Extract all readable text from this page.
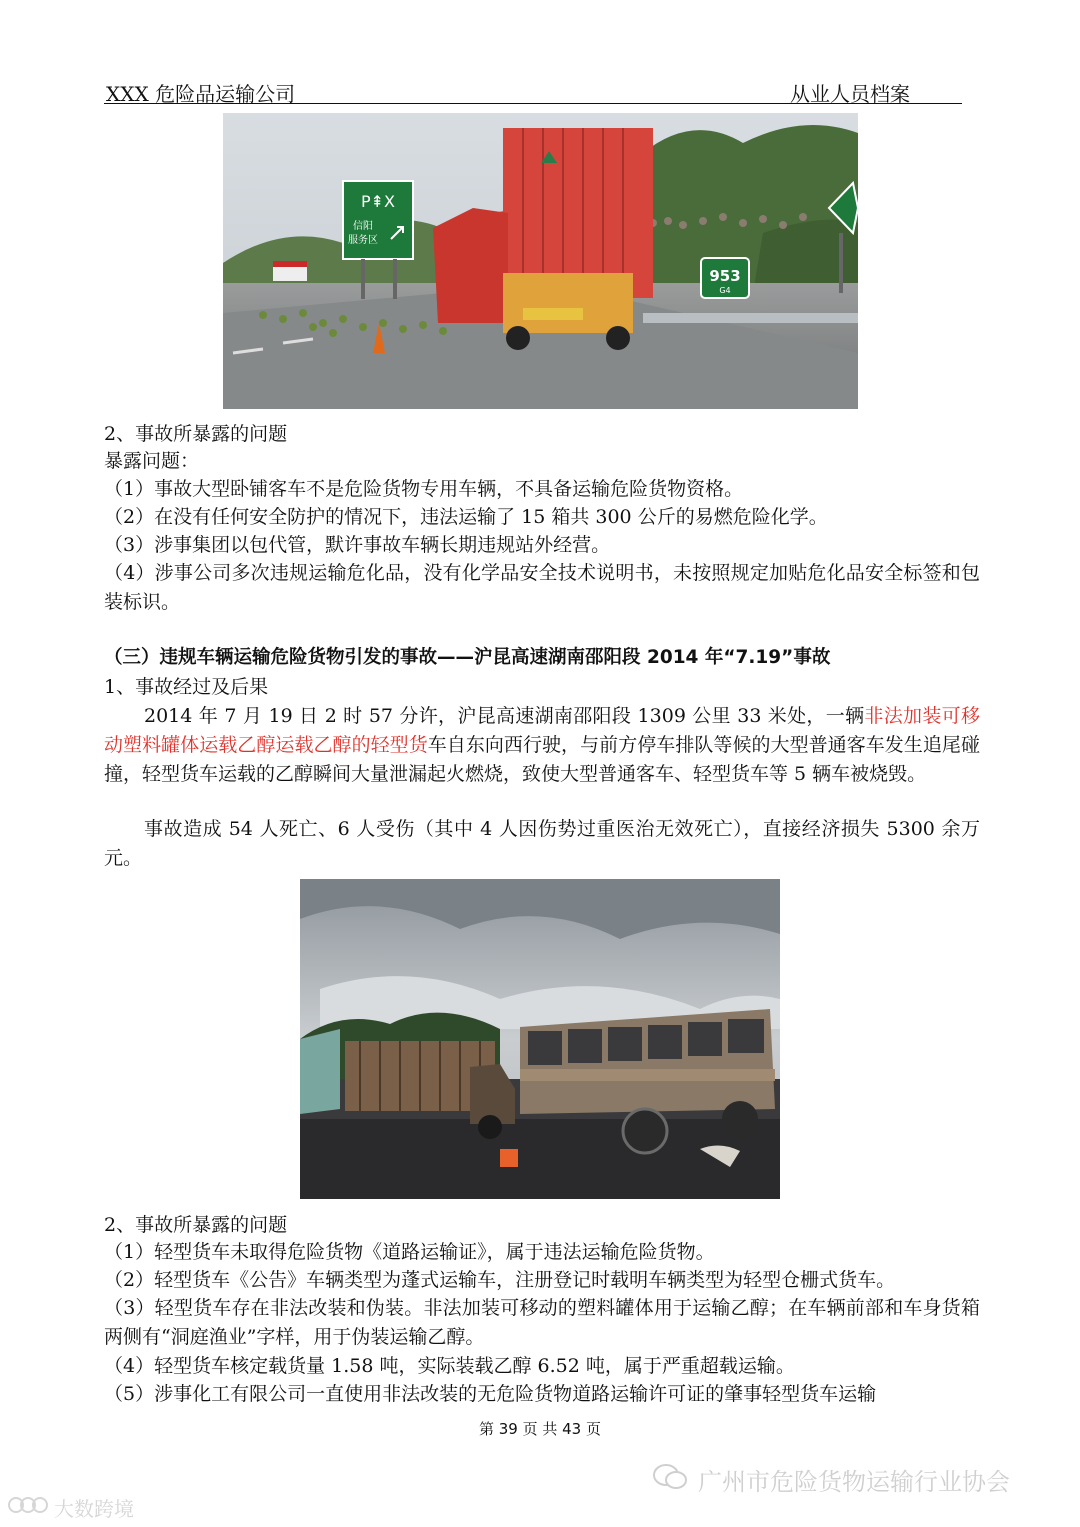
XXX 危险品运输公司	从业人员档案
P⇞X
信阳
服务区
953
G4

2、事故所暴露的问题

暴露问题：

（1）事故大型卧铺客车不是危险货物专用车辆，不具备运输危险货物资格。

（2）在没有任何安全防护的情况下，违法运输了 15 箱共 300 公斤的易燃危险化学。

（3）涉事集团以包代管，默许事故车辆长期违规站外经营。

（4）涉事公司多次违规运输危化品，没有化学品安全技术说明书，未按照规定加贴危化品安全标签和包装标识。

（三）违规车辆运输危险货物引发的事故——沪昆高速湖南邵阳段 2014 年“7.19”事故

1、事故经过及后果

2014 年 7 月 19 日 2 时 57 分许，沪昆高速湖南邵阳段 1309 公里 33 米处，一辆非法加装可移动塑料罐体运载乙醇运载乙醇的轻型货车自东向西行驶，与前方停车排队等候的大型普通客车发生追尾碰撞，轻型货车运载的乙醇瞬间大量泄漏起火燃烧，致使大型普通客车、轻型货车等 5 辆车被烧毁。

事故造成 54 人死亡、6 人受伤（其中 4 人因伤势过重医治无效死亡），直接经济损失 5300 余万元。

2、事故所暴露的问题

（1）轻型货车未取得危险货物《道路运输证》，属于违法运输危险货物。

（2）轻型货车《公告》车辆类型为蓬式运输车，注册登记时载明车辆类型为轻型仓栅式货车。

（3）轻型货车存在非法改装和伪装。非法加装可移动的塑料罐体用于运输乙醇；在车辆前部和车身货箱两侧有“洞庭渔业”字样，用于伪装运输乙醇。

（4）轻型货车核定载货量 1.58 吨，实际装载乙醇 6.52 吨，属于严重超载运输。

（5）涉事化工有限公司一直使用非法改装的无危险货物道路运输许可证的肇事轻型货车运输

第 39 页 共 43 页
广州市危险货物运输行业协会
大数跨境
